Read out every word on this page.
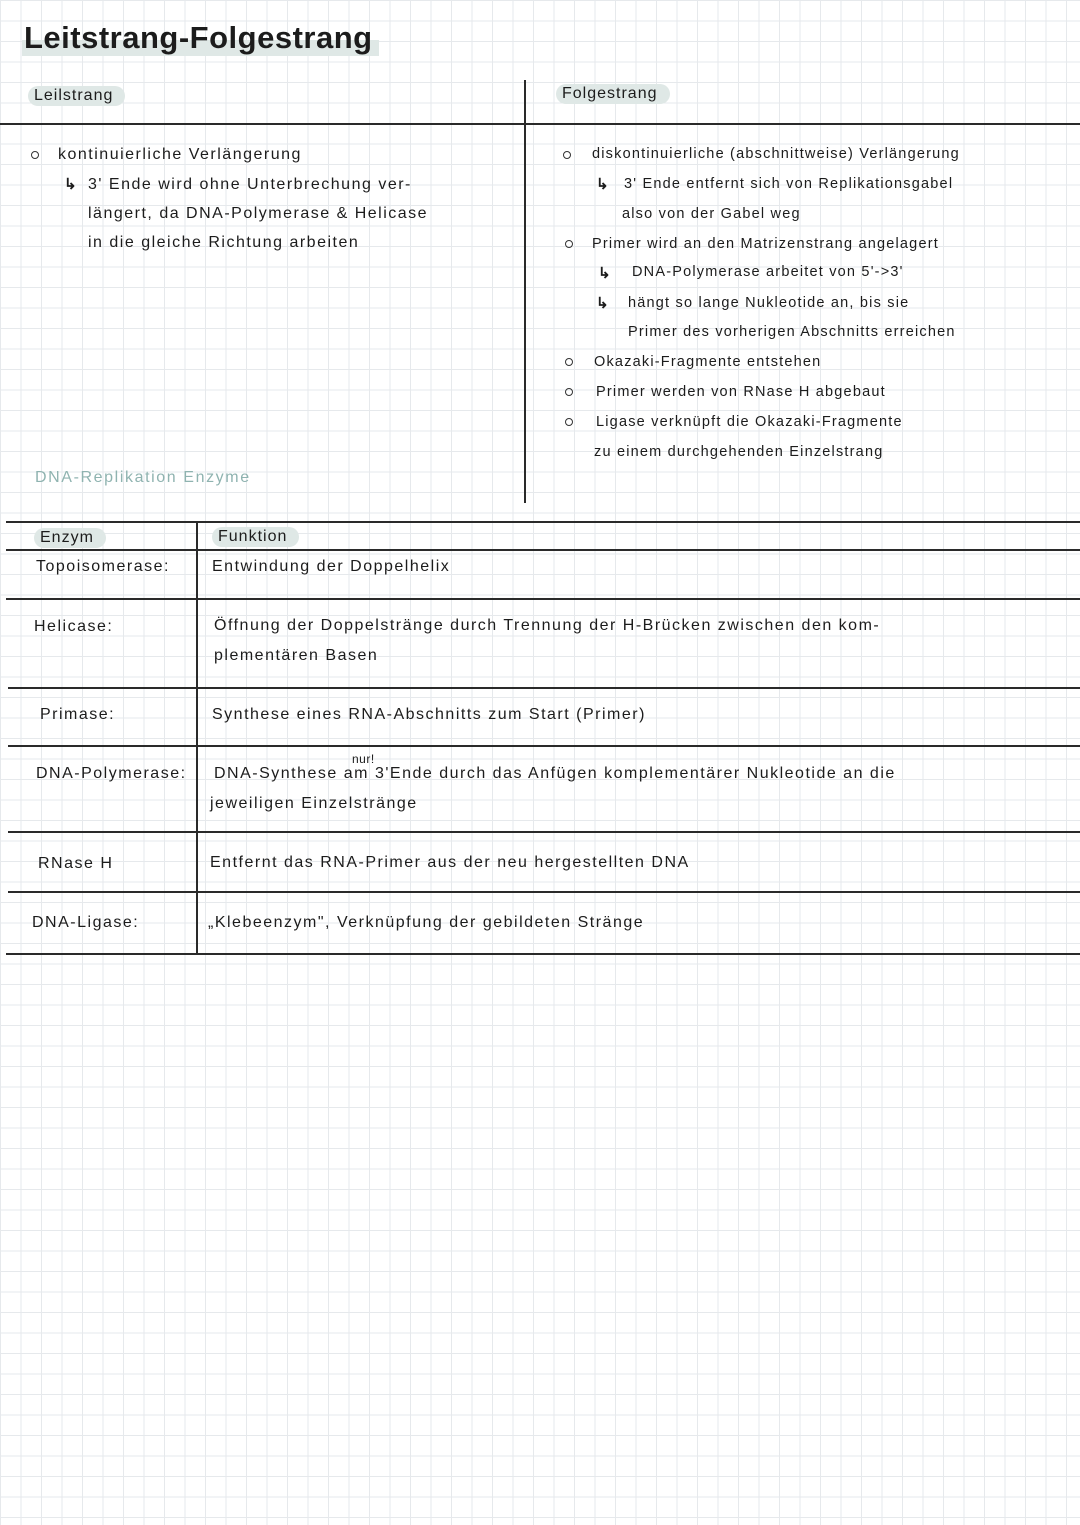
Leitstrang-Folgestrang
Leilstrang	Folgestrang
kontinuierliche Verlängerung
↳ 3' Ende wird ohne Unterbrechung ver-
längert, da DNA-Polymerase & Helicase
in die gleiche Richtung arbeiten
diskontinuierliche (abschnittweise) Verlängerung
↳ 3' Ende entfernt sich von Replikationsgabel
also von der Gabel weg
Primer wird an den Matrizenstrang angelagert
↳ DNA-Polymerase arbeitet von 5'->3'
↳ hängt so lange Nukleotide an, bis sie
Primer des vorherigen Abschnitts erreichen
Okazaki-Fragmente entstehen
Primer werden von RNase H abgebaut
Ligase verknüpft die Okazaki-Fragmente
zu einem durchgehenden Einzelstrang
DNA-Replikation Enzyme
Enzym	Funktion
Topoisomerase:	Entwindung der Doppelhelix
Helicase:	Öffnung der Doppelstränge durch Trennung der H-Brücken zwischen den kom-
plementären Basen
Primase:	Synthese eines RNA-Abschnitts zum Start (Primer)
nur!
DNA-Polymerase: DNA-Synthese am 3'Ende durch das Anfügen komplementärer Nukleotide an die
jeweiligen Einzelstränge
RNase H	Entfernt das RNA-Primer aus der neu hergestellten DNA
DNA-Ligase:	„Klebeenzym", Verknüpfung der gebildeten Stränge
